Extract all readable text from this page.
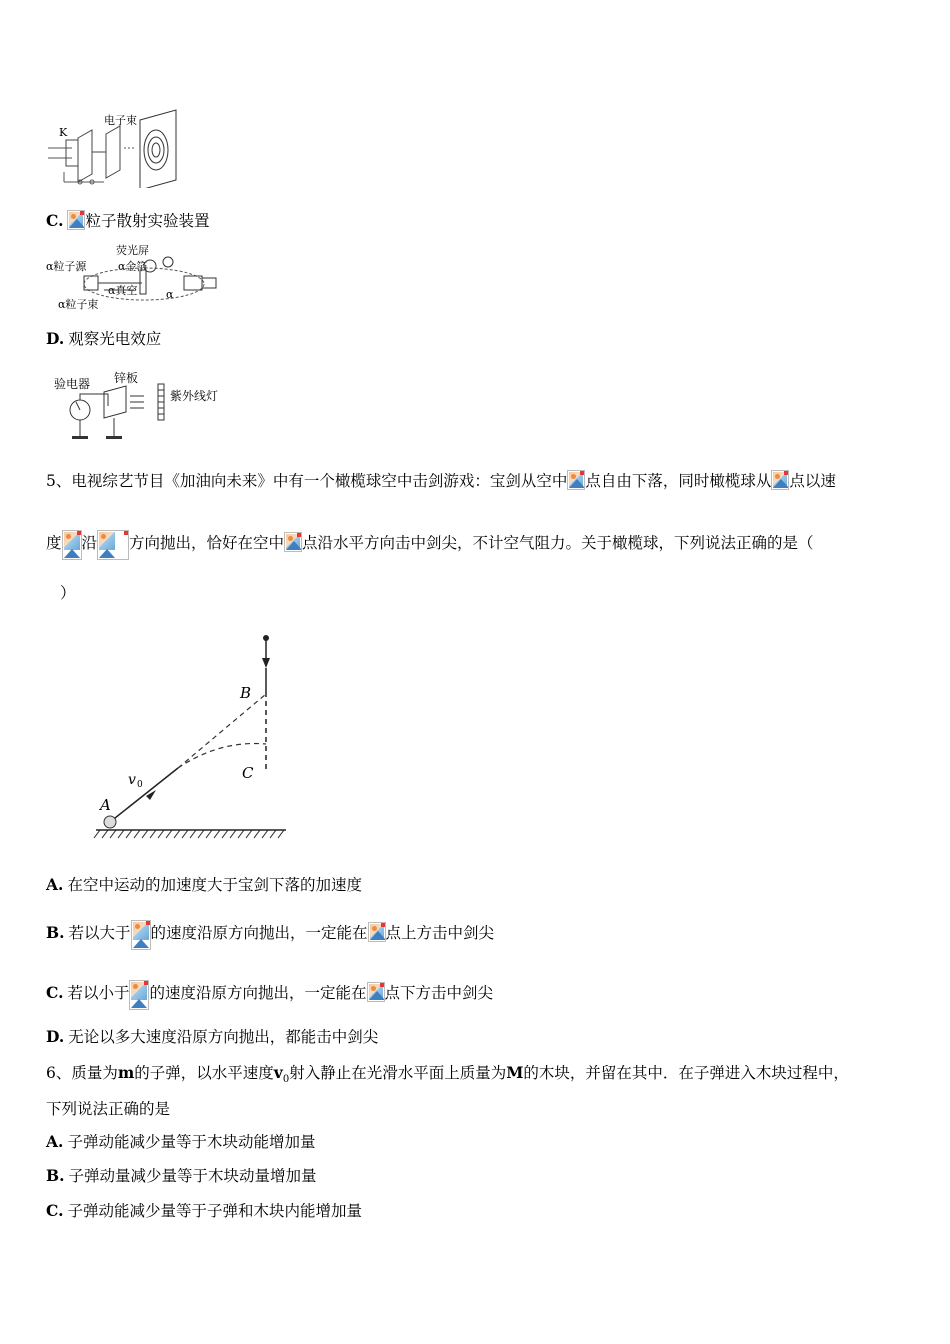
电子束
K
C. 粒子散射实验装置
荧光屏
α金箔
α粒子源
α真空
α粒子束
α
D. 观察光电效应
验电器 锌板
紫外线灯
5、电视综艺节目《加油向未来》中有一个橄榄球空中击剑游戏：宝剑从空中 点自由下落，同时橄榄球从 点以速
度 沿 方向抛出，恰好在空中 点沿水平方向击中剑尖，不计空气阻力。关于橄榄球，下列说法正确的是（
）
B
C
A
v 0
A. 在空中运动的加速度大于宝剑下落的加速度
B. 若以大于 的速度沿原方向抛出，一定能在 点上方击中剑尖
C. 若以小于 的速度沿原方向抛出，一定能在 点下方击中剑尖
D. 无论以多大速度沿原方向抛出，都能击中剑尖
6、质量为m的子弹，以水平速度$v_0$射入静止在光滑水平面上质量为M的木块，并留在其中．在子弹进入木块过程中，
下列说法正确的是
A. 子弹动能减少量等于木块动能增加量
B. 子弹动量减少量等于木块动量增加量
C. 子弹动能减少量等于子弹和木块内能增加量
